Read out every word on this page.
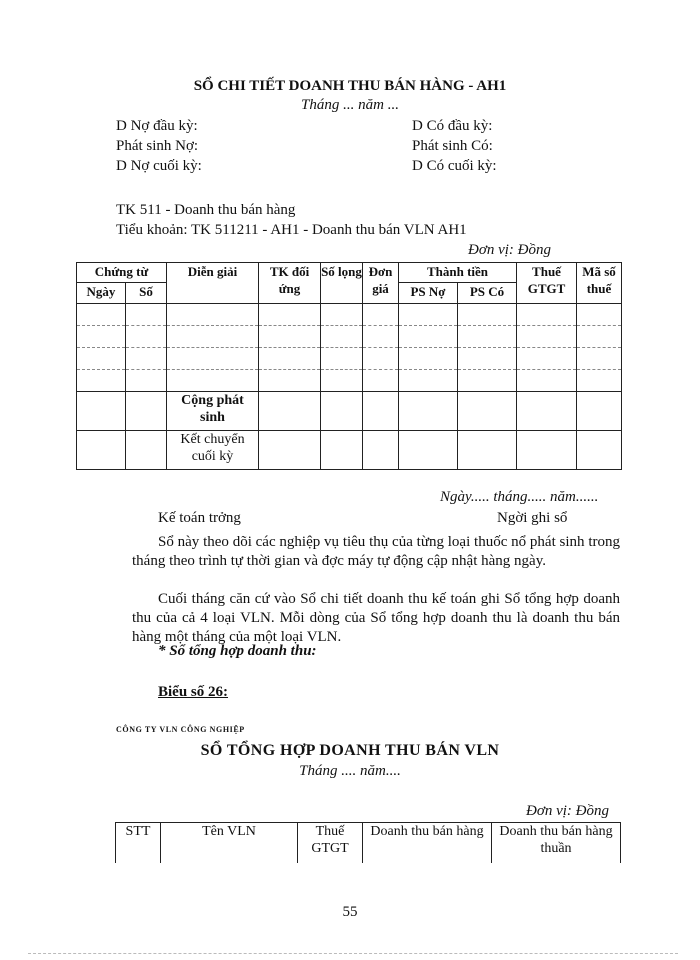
SỔ CHI TIẾT DOANH THU BÁN HÀNG - AH1
Tháng ... năm ...
D Nợ đầu kỳ:
Phát sinh Nợ:
D Nợ cuối kỳ:
D Có đầu kỳ:
Phát sinh Có:
D Có cuối kỳ:
TK 511 - Doanh thu bán hàng
Tiểu khoản: TK 511211 - AH1 - Doanh thu bán VLN AH1
Đơn vị: Đồng
Chứng từ		Diễn giải	TK đối ứng	Số lọng	Đơn giá	Thành tiền		Thuế GTGT	Mã số thuế
Ngày	Số					PS Nợ	PS Có		

		Cộng phát sinh							
		Kết chuyển cuối kỳ							
Ngày..... tháng..... năm......
Kế toán trởng	Ngời ghi sổ
Sổ này theo dõi các nghiệp vụ tiêu thụ của từng loại thuốc nổ phát sinh trong tháng theo trình tự thời gian và đợc máy tự động cập nhật hàng ngày.
Cuối tháng căn cứ vào Sổ chi tiết doanh thu kế toán ghi Sổ tổng hợp doanh thu của cả 4 loại VLN. Mỗi dòng của Sổ tổng hợp doanh thu là doanh thu bán hàng một tháng của một loại VLN.
* Sổ tổng hợp doanh thu:
Biểu số 26:
CÔNG TY VLN CÔNG NGHIỆP
SỔ TỔNG HỢP DOANH THU BÁN VLN
Tháng .... năm....
Đơn vị: Đồng
STT	Tên VLN	Thuế GTGT	Doanh thu bán hàng	Doanh thu bán hàng thuần
55
